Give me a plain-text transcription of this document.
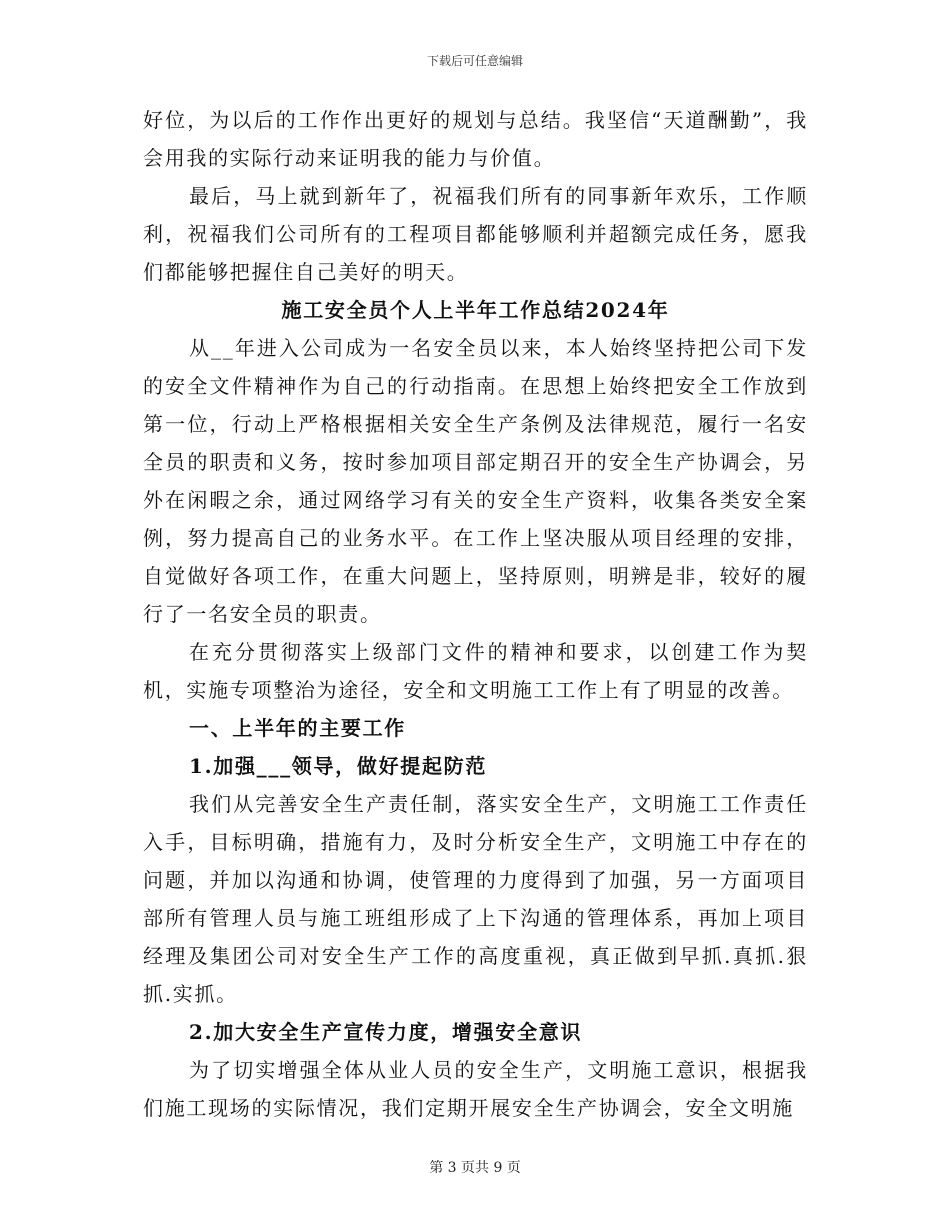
下载后可任意编辑

好位，为以后的工作作出更好的规划与总结。我坚信“天道酬勤”，我会用我的实际行动来证明我的能力与价值。

最后，马上就到新年了，祝福我们所有的同事新年欢乐，工作顺利，祝福我们公司所有的工程项目都能够顺利并超额完成任务，愿我们都能够把握住自己美好的明天。

施工安全员个人上半年工作总结2024年

从__年进入公司成为一名安全员以来，本人始终坚持把公司下发的安全文件精神作为自己的行动指南。在思想上始终把安全工作放到第一位，行动上严格根据相关安全生产条例及法律规范，履行一名安全员的职责和义务，按时参加项目部定期召开的安全生产协调会，另外在闲暇之余，通过网络学习有关的安全生产资料，收集各类安全案例，努力提高自己的业务水平。在工作上坚决服从项目经理的安排，自觉做好各项工作，在重大问题上，坚持原则，明辨是非，较好的履行了一名安全员的职责。

在充分贯彻落实上级部门文件的精神和要求，以创建工作为契机，实施专项整治为途径，安全和文明施工工作上有了明显的改善。

一、上半年的主要工作

1.加强___领导，做好提起防范

我们从完善安全生产责任制，落实安全生产，文明施工工作责任入手，目标明确，措施有力，及时分析安全生产，文明施工中存在的问题，并加以沟通和协调，使管理的力度得到了加强，另一方面项目部所有管理人员与施工班组形成了上下沟通的管理体系，再加上项目经理及集团公司对安全生产工作的高度重视，真正做到早抓.真抓.狠抓.实抓。

2.加大安全生产宣传力度，增强安全意识

为了切实增强全体从业人员的安全生产，文明施工意识，根据我们施工现场的实际情况，我们定期开展安全生产协调会，安全文明施

第 3 页共 9 页
